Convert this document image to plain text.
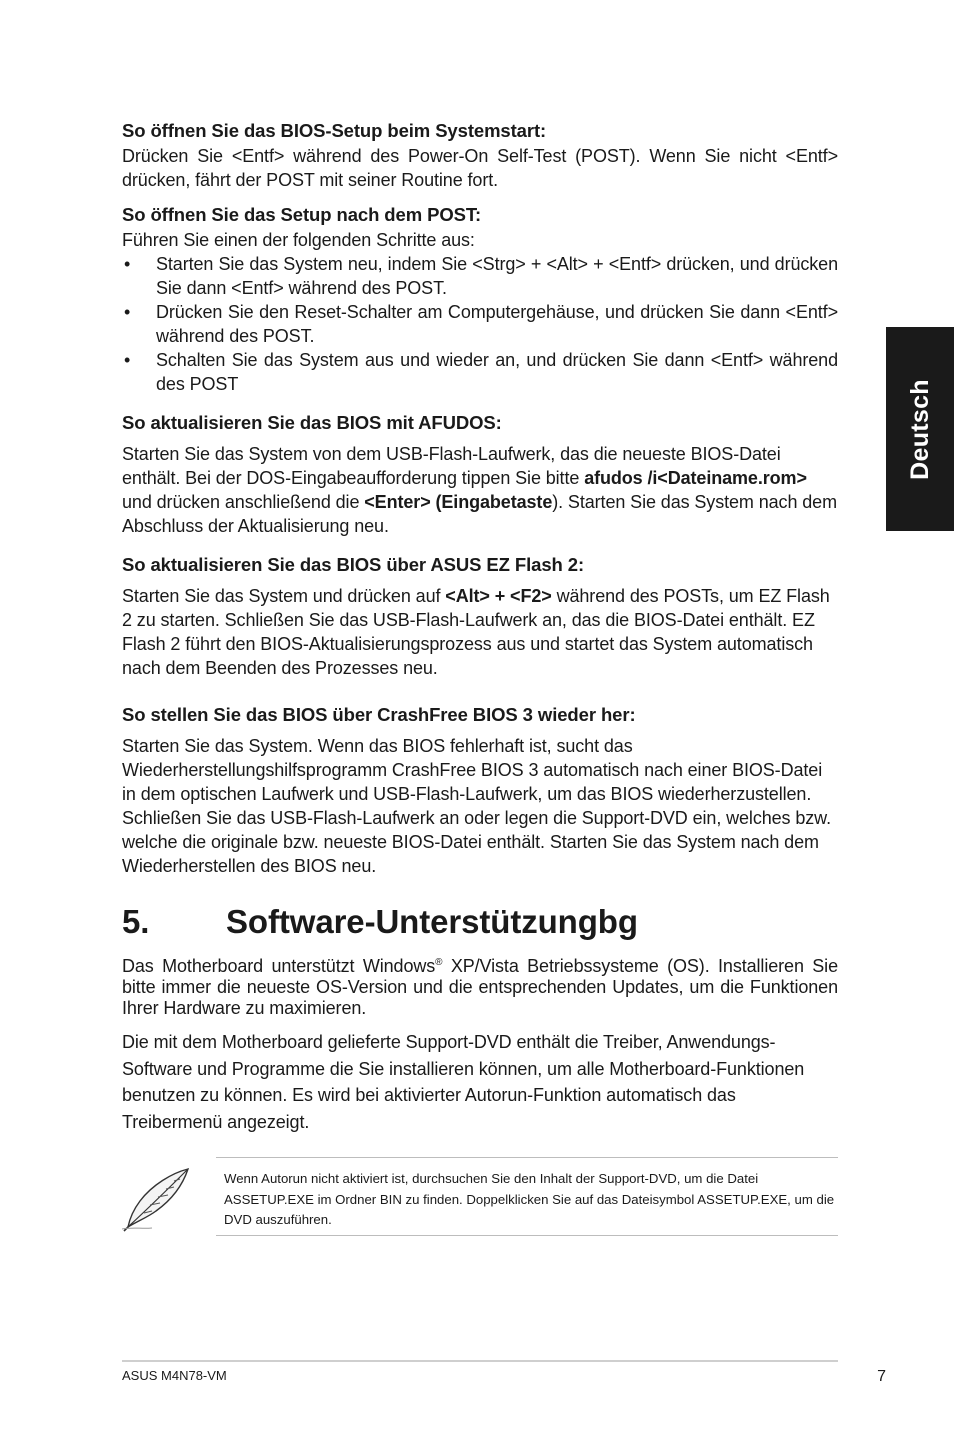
Deutsch
So öffnen Sie das BIOS-Setup beim Systemstart:

Drücken Sie <Entf> während des Power-On Self-Test (POST). Wenn Sie nicht <Entf> drücken, fährt der POST mit seiner Routine fort.

So öffnen Sie das Setup nach dem POST:

Führen Sie einen der folgenden Schritte aus:

• Starten Sie das System neu, indem Sie <Strg> + <Alt> + <Entf> drücken, und drücken Sie dann <Entf> während des POST.
• Drücken Sie den Reset-Schalter am Computergehäuse, und drücken Sie dann <Entf> während des POST.
• Schalten Sie das System aus und wieder an, und drücken Sie dann <Entf> während des POST
So aktualisieren Sie das BIOS mit AFUDOS:

Starten Sie das System von dem USB-Flash-Laufwerk, das die neueste BIOS-Datei enthält. Bei der DOS-Eingabeaufforderung tippen Sie bitte afudos /i<Dateiname.rom> und drücken anschließend die <Enter> (Eingabetaste). Starten Sie das System nach dem Abschluss der Aktualisierung neu.

So aktualisieren Sie das BIOS über ASUS EZ Flash 2:

Starten Sie das System und drücken auf <Alt> + <F2> während des POSTs, um EZ Flash 2 zu starten. Schließen Sie das USB-Flash-Laufwerk an, das die BIOS-Datei enthält. EZ Flash 2 führt den BIOS-Aktualisierungsprozess aus und startet das System automatisch nach dem Beenden des Prozesses neu.

So stellen Sie das BIOS über CrashFree BIOS 3 wieder her:

Starten Sie das System. Wenn das BIOS fehlerhaft ist, sucht das Wiederherstellungshilfsprogramm CrashFree BIOS 3 automatisch nach einer BIOS-Datei in dem optischen Laufwerk und USB-Flash-Laufwerk, um das BIOS wiederherzustellen. Schließen Sie das USB-Flash-Laufwerk an oder legen die Support-DVD ein, welches bzw. welche die originale bzw. neueste BIOS-Datei enthält. Starten Sie das System nach dem Wiederherstellen des BIOS neu.

5.	Software-Unterstützungbg

Das Motherboard unterstützt Windows® XP/Vista Betriebssysteme (OS). Installieren Sie bitte immer die neueste OS-Version und die entsprechenden Updates, um die Funktionen Ihrer Hardware zu maximieren.

Die mit dem Motherboard gelieferte Support-DVD enthält die Treiber, Anwendungs-Software und Programme die Sie installieren können, um alle Motherboard-Funktionen benutzen zu können. Es wird bei aktivierter Autorun-Funktion automatisch das Treibermenü angezeigt.

Wenn Autorun nicht aktiviert ist, durchsuchen Sie den Inhalt der Support-DVD, um die Datei ASSETUP.EXE im Ordner BIN zu finden. Doppelklicken Sie auf das Dateisymbol ASSETUP.EXE, um die DVD auszuführen.
ASUS M4N78-VM	7
